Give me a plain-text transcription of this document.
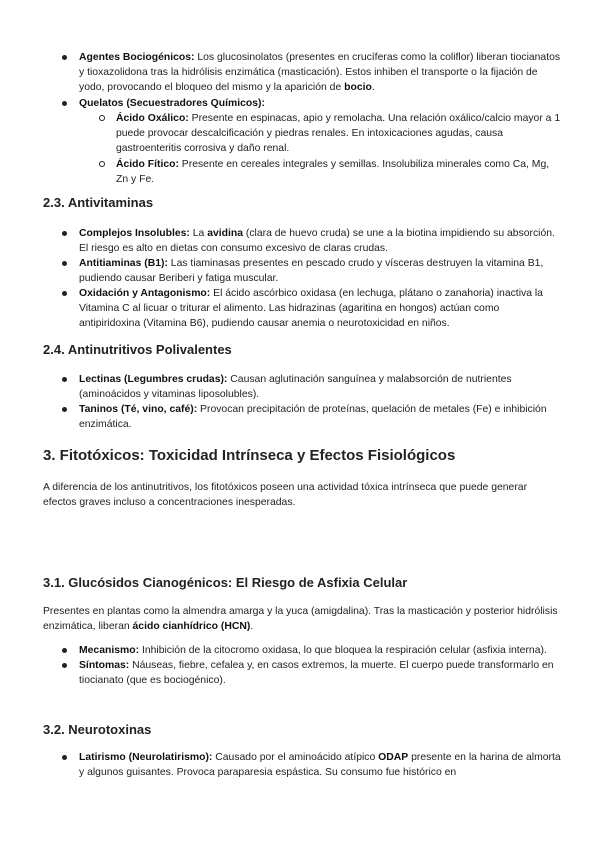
Agentes Bociogénicos: Los glucosinolatos (presentes en crucíferas como la coliflor) liberan tiocianatos y tioxazolidona tras la hidrólisis enzimática (masticación). Estos inhiben el transporte o la fijación de yodo, provocando el bloqueo del mismo y la aparición de bocio.
Quelatos (Secuestradores Químicos):
Ácido Oxálico: Presente en espinacas, apio y remolacha. Una relación oxálico/calcio mayor a 1 puede provocar descalcificación y piedras renales. En intoxicaciones agudas, causa gastroenteritis corrosiva y daño renal.
Ácido Fítico: Presente en cereales integrales y semillas. Insolubiliza minerales como Ca, Mg, Zn y Fe.
2.3. Antivitaminas
Complejos Insolubles: La avidina (clara de huevo cruda) se une a la biotina impidiendo su absorción. El riesgo es alto en dietas con consumo excesivo de claras crudas.
Antitiaminas (B1): Las tiaminasas presentes en pescado crudo y vísceras destruyen la vitamina B1, pudiendo causar Beriberi y fatiga muscular.
Oxidación y Antagonismo: El ácido ascórbico oxidasa (en lechuga, plátano o zanahoria) inactiva la Vitamina C al licuar o triturar el alimento. Las hidrazinas (agaritina en hongos) actúan como antipiridoxina (Vitamina B6), pudiendo causar anemia o neurotoxicidad en niños.
2.4. Antinutritivos Polivalentes
Lectinas (Legumbres crudas): Causan aglutinación sanguínea y malabsorción de nutrientes (aminoácidos y vitaminas liposolubles).
Taninos (Té, vino, café): Provocan precipitación de proteínas, quelación de metales (Fe) e inhibición enzimática.
3. Fitotóxicos: Toxicidad Intrínseca y Efectos Fisiológicos

A diferencia de los antinutritivos, los fitotóxicos poseen una actividad tóxica intrínseca que puede generar efectos graves incluso a concentraciones inesperadas.

3.1. Glucósidos Cianogénicos: El Riesgo de Asfixia Celular

Presentes en plantas como la almendra amarga y la yuca (amigdalina). Tras la masticación y posterior hidrólisis enzimática, liberan ácido cianhídrico (HCN).

Mecanismo: Inhibición de la citocromo oxidasa, lo que bloquea la respiración celular (asfixia interna).
Síntomas: Náuseas, fiebre, cefalea y, en casos extremos, la muerte. El cuerpo puede transformarlo en tiocianato (que es bociogénico).
3.2. Neurotoxinas
Latirismo (Neurolatirismo): Causado por el aminoácido atípico ODAP presente en la harina de almorta y algunos guisantes. Provoca paraparesia espástica. Su consumo fue histórico en
